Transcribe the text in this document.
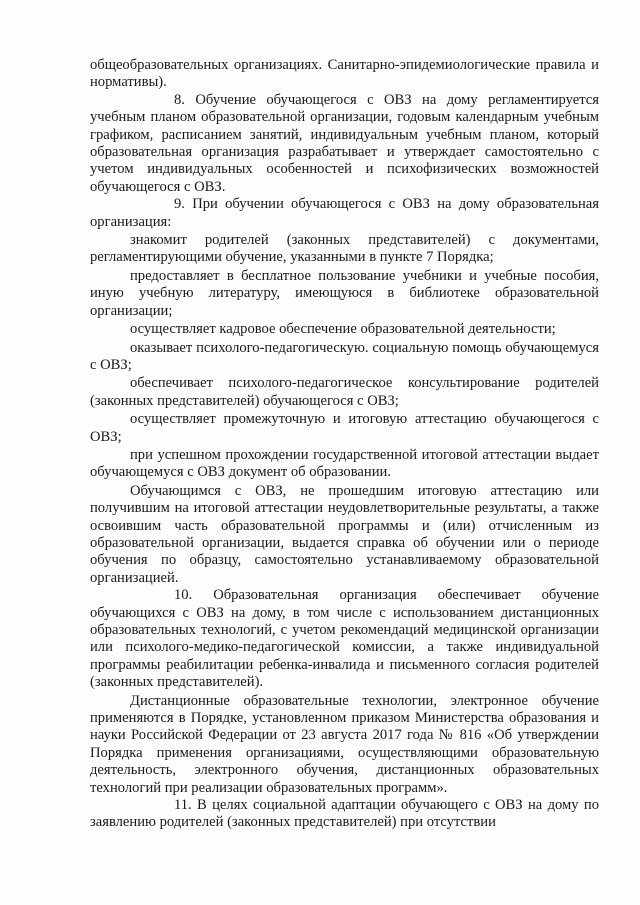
общеобразовательных организациях. Санитарно-эпидемиологические правила и нормативы).

8. Обучение обучающегося с ОВЗ на дому регламентируется учебным планом образовательной организации, годовым календарным учебным графиком, расписанием занятий, индивидуальным учебным планом, который образовательная организация разрабатывает и утверждает самостоятельно с учетом индивидуальных особенностей и психофизических возможностей обучающегося с ОВЗ.

9. При обучении обучающегося с ОВЗ на дому образовательная организация:

знакомит родителей (законных представителей) с документами, регламентирующими обучение, указанными в пункте 7 Порядка;

предоставляет в бесплатное пользование учебники и учебные пособия, иную учебную литературу, имеющуюся в библиотеке образовательной организации;

осуществляет кадровое обеспечение образовательной деятельности;

оказывает психолого-педагогическую. социальную помощь обучающемуся с ОВЗ;

обеспечивает психолого-педагогическое консультирование родителей (законных представителей) обучающегося с ОВЗ;

осуществляет промежуточную и итоговую аттестацию обучающегося с ОВЗ;

при успешном прохождении государственной итоговой аттестации выдает обучающемуся с ОВЗ документ об образовании.

Обучающимся с ОВЗ, не прошедшим итоговую аттестацию или получившим на итоговой аттестации неудовлетворительные результаты, а также освоившим часть образовательной программы и (или) отчисленным из образовательной организации, выдается справка об обучении или о периоде обучения по образцу, самостоятельно устанавливаемому образовательной организацией.

10. Образовательная организация обеспечивает обучение обучающихся с ОВЗ на дому, в том числе с использованием дистанционных образовательных технологий, с учетом рекомендаций медицинской организации или психолого-медико-педагогической комиссии, а также индивидуальной программы реабилитации ребенка-инвалида и письменного согласия родителей (законных представителей).

Дистанционные образовательные технологии, электронное обучение применяются в Порядке, установленном приказом Министерства образования и науки Российской Федерации от 23 августа 2017 года № 816 «Об утверждении Порядка применения организациями, осуществляющими образовательную деятельность, электронного обучения, дистанционных образовательных технологий при реализации образовательных программ».

11. В целях социальной адаптации обучающего с ОВЗ на дому по заявлению родителей (законных представителей) при отсутствии
